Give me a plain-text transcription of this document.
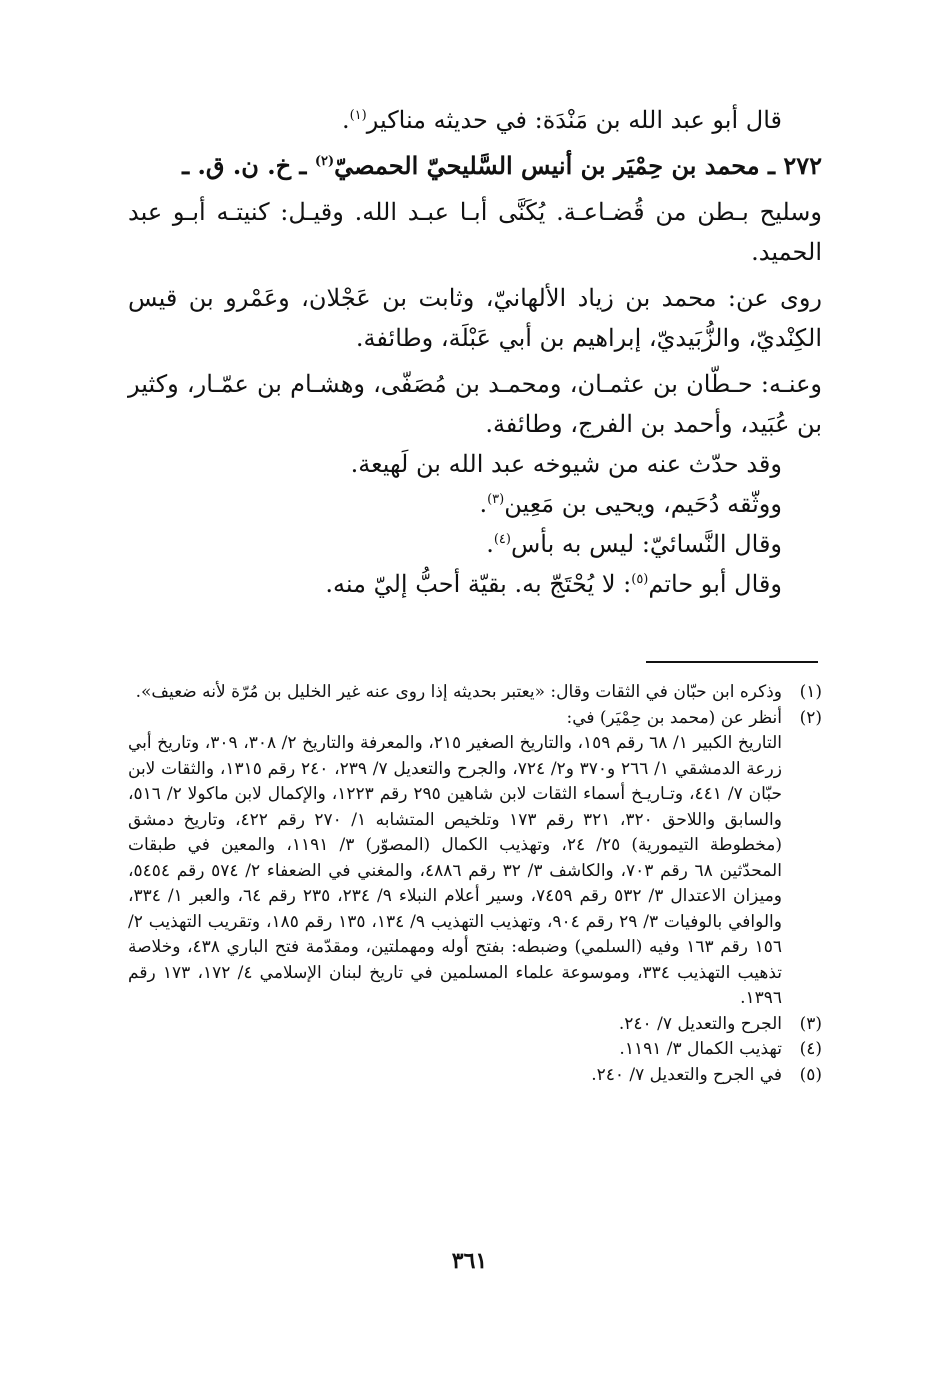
قال أبو عبد الله بن مَنْدَة: في حديثه مناكير$^{(١)}$.

٢٧٢ ـ محمد بن حِمْيَر بن أنيس السَّليحيّ الحمصيّ$^{(٢)}$ ـ خ. ن. ق. ـ

وسليح بـطن من قُضـاعـة. يُكَنَّى أبـا عبـد الله. وقيـل: كنيتـه أبـو عبد الحميد.

روى عن: محمد بن زياد الألهانيّ، وثابت بن عَجْلان، وعَمْرو بن قيس الكِنْديّ، والزُّبَيديّ، إبراهيم بن أبي عَبْلَة، وطائفة.

وعنـه: حـطّان بن عثمـان، ومحمـد بن مُصَفّى، وهشـام بن عمّـار، وكثير بن عُبَيد، وأحمد بن الفرج، وطائفة.

وقد حدّث عنه من شيوخه عبد الله بن لَهيعة.

ووثّقه دُحَيم، ويحيى بن مَعِين$^{(٣)}$.

وقال النَّسائيّ: ليس به بأس$^{(٤)}$.

وقال أبو حاتم$^{(٥)}$: لا يُحْتَجّ به. بقيّة أحبُّ إليّ منه.

(١)
وذكره ابن حبّان في الثقات وقال: «يعتبر بحديثه إذا روى عنه غير الخليل بن مُرّة لأنه ضعيف».
(٢)
أنظر عن (محمد بن حِمْيَر) في:
التاريخ الكبير ١/ ٦٨ رقم ١٥٩، والتاريخ الصغير ٢١٥، والمعرفة والتاريخ ٢/ ٣٠٨، ٣٠٩، وتاريخ أبي زرعة الدمشقي ١/ ٢٦٦ و٣٧٠ و٢/ ٧٢٤، والجرح والتعديل ٧/ ٢٣٩، ٢٤٠ رقم ١٣١٥، والثقات لابن حبّان ٧/ ٤٤١، وتـاريـخ أسماء الثقات لابن شاهين ٢٩٥ رقم ١٢٢٣، والإكمال لابن ماكولا ٢/ ٥١٦، والسابق واللاحق ٣٢٠، ٣٢١ رقم ١٧٣ وتلخيص المتشابه ١/ ٢٧٠ رقم ٤٢٢، وتاريخ دمشق (مخطوطة التيمورية) ٢٥/ ٢٤، وتهذيب الكمال (المصوّر) ٣/ ١١٩١، والمعين في طبقات المحدّثين ٦٨ رقم ٧٠٣، والكاشف ٣/ ٣٢ رقم ٤٨٨٦، والمغني في الضعفاء ٢/ ٥٧٤ رقم ٥٤٥٤، وميزان الاعتدال ٣/ ٥٣٢ رقم ٧٤٥٩، وسير أعلام النبلاء ٩/ ٢٣٤، ٢٣٥ رقم ٦٤، والعبر ١/ ٣٣٤، والوافي بالوفيات ٣/ ٢٩ رقم ٩٠٤، وتهذيب التهذيب ٩/ ١٣٤، ١٣٥ رقم ١٨٥، وتقريب التهذيب ٢/ ١٥٦ رقم ١٦٣ وفيه (السلمي) وضبطه: بفتح أوله ومهملتين، ومقدّمة فتح الباري ٤٣٨، وخلاصة تذهيب التهذيب ٣٣٤، وموسوعة علماء المسلمين في تاريخ لبنان الإسلامي ٤/ ١٧٢، ١٧٣ رقم ١٣٩٦.
(٣)
الجرح والتعديل ٧/ ٢٤٠.
(٤)
تهذيب الكمال ٣/ ١١٩١.
(٥)
في الجرح والتعديل ٧/ ٢٤٠.
٣٦١
